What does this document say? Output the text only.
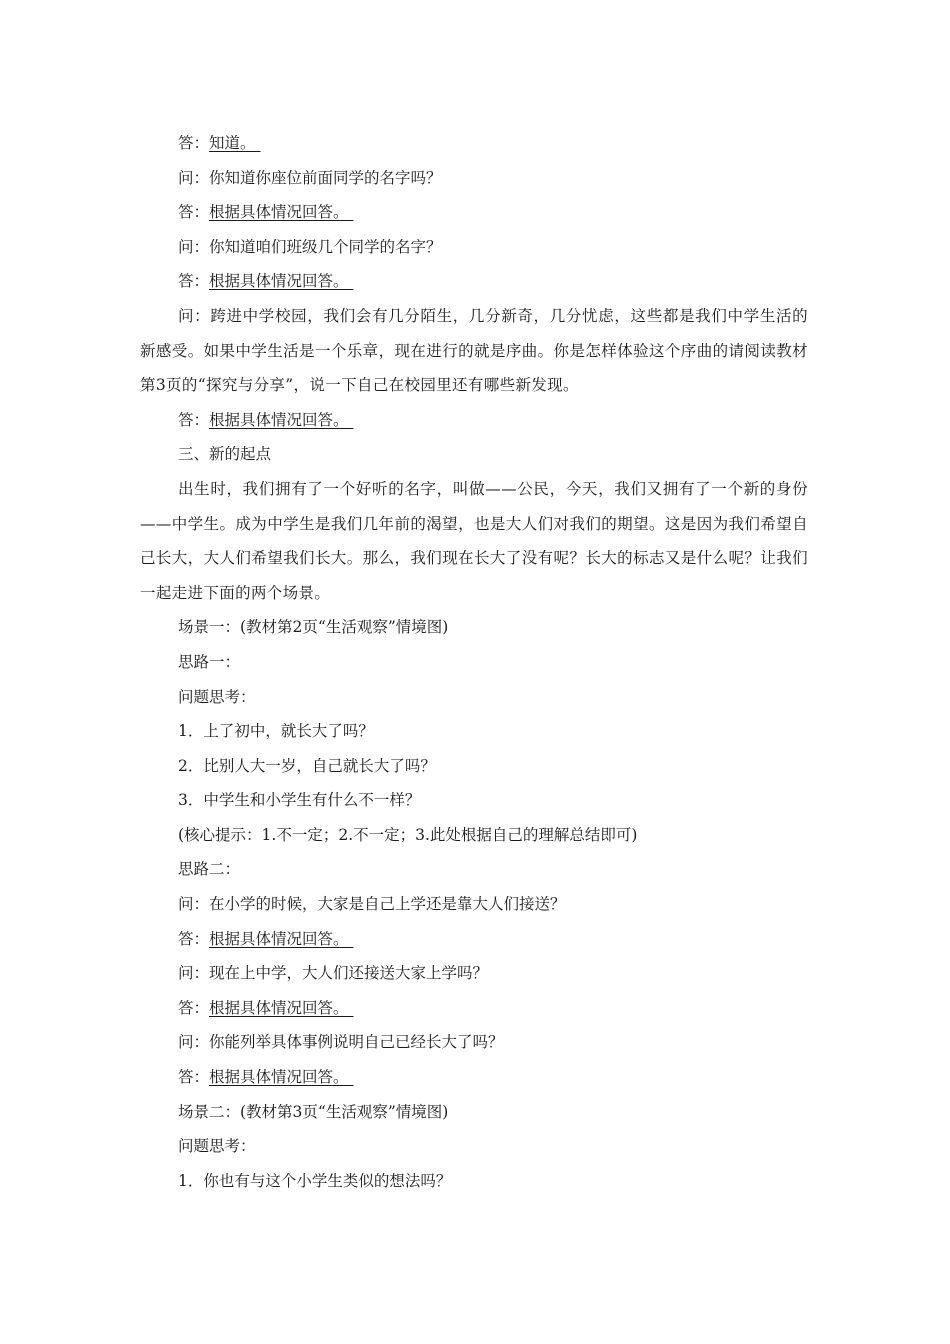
答：知道。
问：你知道你座位前面同学的名字吗？
答：根据具体情况回答。
问：你知道咱们班级几个同学的名字？
答：根据具体情况回答。
问：跨进中学校园，我们会有几分陌生，几分新奇，几分忧虑，这些都是我们中学生活的新感受。如果中学生活是一个乐章，现在进行的就是序曲。你是怎样体验这个序曲的请阅读教材第3页的“探究与分享”，说一下自己在校园里还有哪些新发现。
答：根据具体情况回答。
三、新的起点
出生时，我们拥有了一个好听的名字，叫做——公民，今天，我们又拥有了一个新的身份——中学生。成为中学生是我们几年前的渴望，也是大人们对我们的期望。这是因为我们希望自己长大，大人们希望我们长大。那么，我们现在长大了没有呢？长大的标志又是什么呢？让我们一起走进下面的两个场景。
场景一：(教材第2页“生活观察”情境图)
思路一：
问题思考：
1．上了初中，就长大了吗？
2．比别人大一岁，自己就长大了吗？
3．中学生和小学生有什么不一样？
(核心提示：1.不一定；2.不一定；3.此处根据自己的理解总结即可)
思路二：
问：在小学的时候，大家是自己上学还是靠大人们接送？
答：根据具体情况回答。
问：现在上中学，大人们还接送大家上学吗？
答：根据具体情况回答。
问：你能列举具体事例说明自己已经长大了吗？
答：根据具体情况回答。
场景二：(教材第3页“生活观察”情境图)
问题思考：
1．你也有与这个小学生类似的想法吗？
